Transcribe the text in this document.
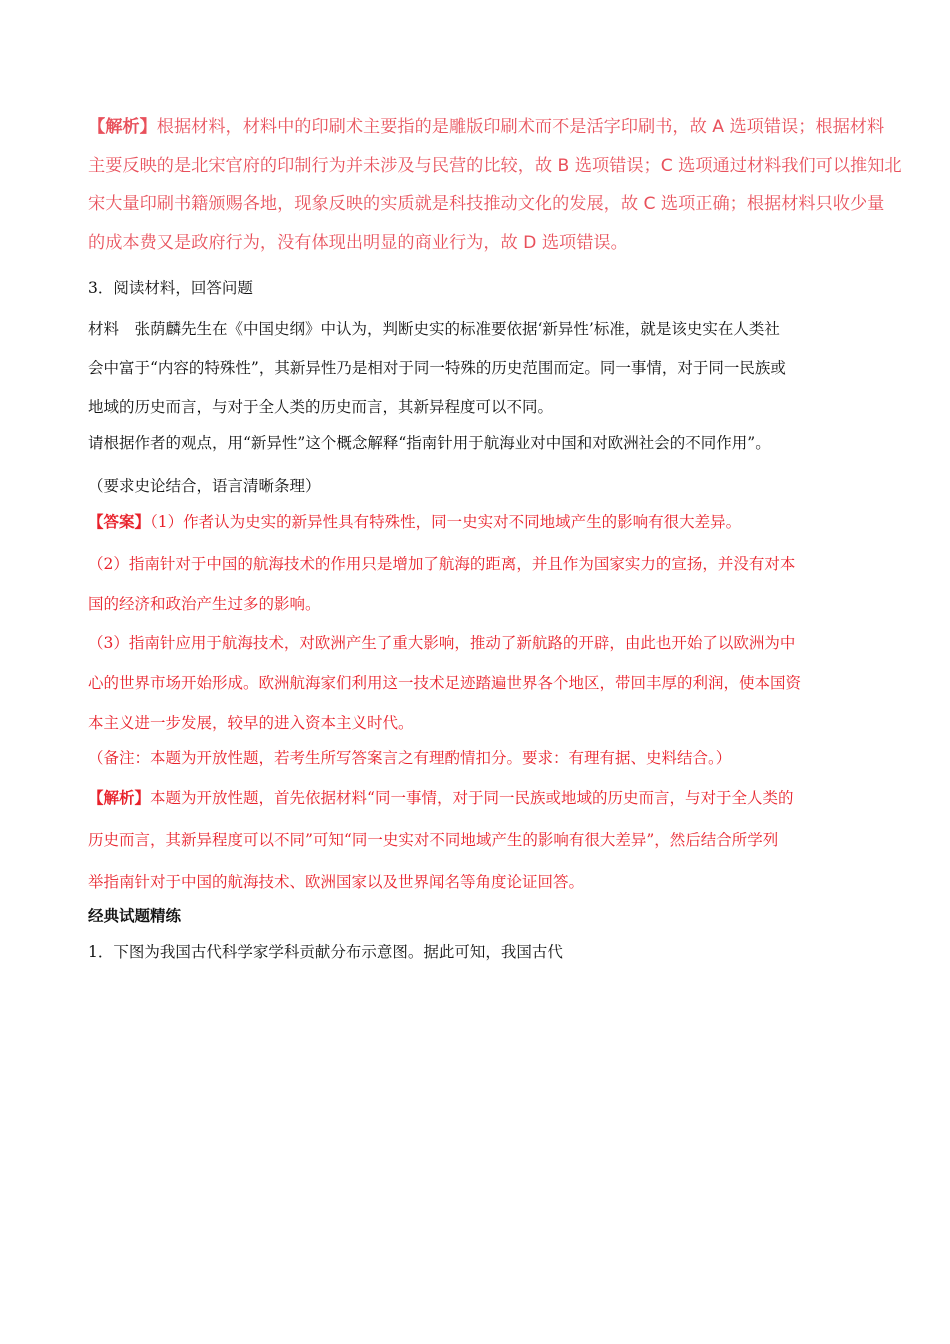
【解析】根据材料，材料中的印刷术主要指的是雕版印刷术而不是活字印刷书，故 A 选项错误；根据材料
主要反映的是北宋官府的印制行为并未涉及与民营的比较，故 B 选项错误；C 选项通过材料我们可以推知北
宋大量印刷书籍颁赐各地，现象反映的实质就是科技推动文化的发展，故 C 选项正确；根据材料只收少量
的成本费又是政府行为，没有体现出明显的商业行为，故 D 选项错误。
3．阅读材料，回答问题
材料　张荫麟先生在《中国史纲》中认为，判断史实的标准要依据‘新异性’标准，就是该史实在人类社
会中富于“内容的特殊性”，其新异性乃是相对于同一特殊的历史范围而定。同一事情，对于同一民族或
地域的历史而言，与对于全人类的历史而言，其新异程度可以不同。
请根据作者的观点，用“新异性”这个概念解释“指南针用于航海业对中国和对欧洲社会的不同作用”。
（要求史论结合，语言清晰条理）
【答案】（1）作者认为史实的新异性具有特殊性，同一史实对不同地域产生的影响有很大差异。
（2）指南针对于中国的航海技术的作用只是增加了航海的距离，并且作为国家实力的宣扬，并没有对本
国的经济和政治产生过多的影响。
（3）指南针应用于航海技术，对欧洲产生了重大影响，推动了新航路的开辟，由此也开始了以欧洲为中
心的世界市场开始形成。欧洲航海家们利用这一技术足迹踏遍世界各个地区，带回丰厚的利润，使本国资
本主义进一步发展，较早的进入资本主义时代。
（备注：本题为开放性题，若考生所写答案言之有理酌情扣分。要求：有理有据、史料结合。）
【解析】本题为开放性题，首先依据材料“同一事情，对于同一民族或地域的历史而言，与对于全人类的
历史而言，其新异程度可以不同”可知“同一史实对不同地域产生的影响有很大差异”，然后结合所学列
举指南针对于中国的航海技术、欧洲国家以及世界闻名等角度论证回答。
经典试题精练
1．下图为我国古代科学家学科贡献分布示意图。据此可知，我国古代
